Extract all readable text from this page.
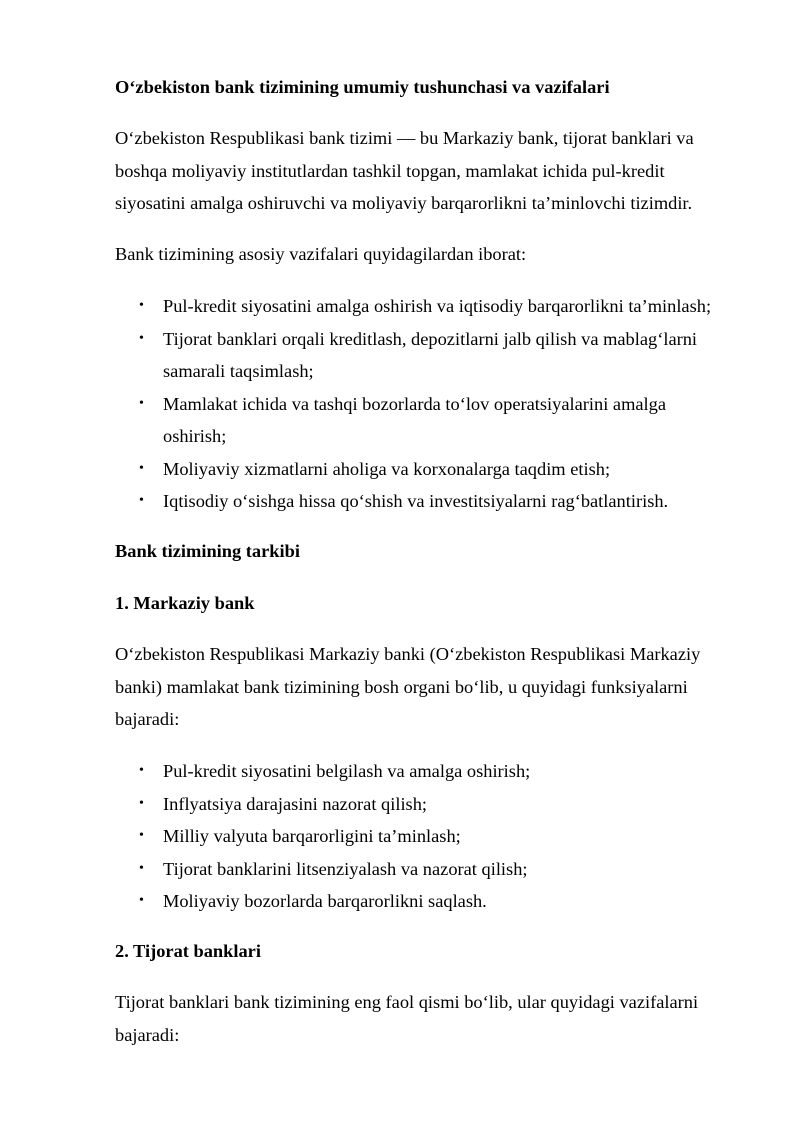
O‘zbekiston bank tizimining umumiy tushunchasi va vazifalari

O‘zbekiston Respublikasi bank tizimi — bu Markaziy bank, tijorat banklari va boshqa moliyaviy institutlardan tashkil topgan, mamlakat ichida pul-kredit siyosatini amalga oshiruvchi va moliyaviy barqarorlikni ta’minlovchi tizimdir.

Bank tizimining asosiy vazifalari quyidagilardan iborat:

• Pul-kredit siyosatini amalga oshirish va iqtisodiy barqarorlikni ta’minlash;
• Tijorat banklari orqali kreditlash, depozitlarni jalb qilish va mablag‘larni samarali taqsimlash;
• Mamlakat ichida va tashqi bozorlarda to‘lov operatsiyalarini amalga oshirish;
• Moliyaviy xizmatlarni aholiga va korxonalarga taqdim etish;
• Iqtisodiy o‘sishga hissa qo‘shish va investitsiyalarni rag‘batlantirish.

Bank tizimining tarkibi

1. Markaziy bank

O‘zbekiston Respublikasi Markaziy banki (O‘zbekiston Respublikasi Markaziy banki) mamlakat bank tizimining bosh organi bo‘lib, u quyidagi funksiyalarni bajaradi:

• Pul-kredit siyosatini belgilash va amalga oshirish;
• Inflyatsiya darajasini nazorat qilish;
• Milliy valyuta barqarorligini ta’minlash;
• Tijorat banklarini litsenziyalash va nazorat qilish;
• Moliyaviy bozorlarda barqarorlikni saqlash.

2. Tijorat banklari

Tijorat banklari bank tizimining eng faol qismi bo‘lib, ular quyidagi vazifalarni bajaradi:
